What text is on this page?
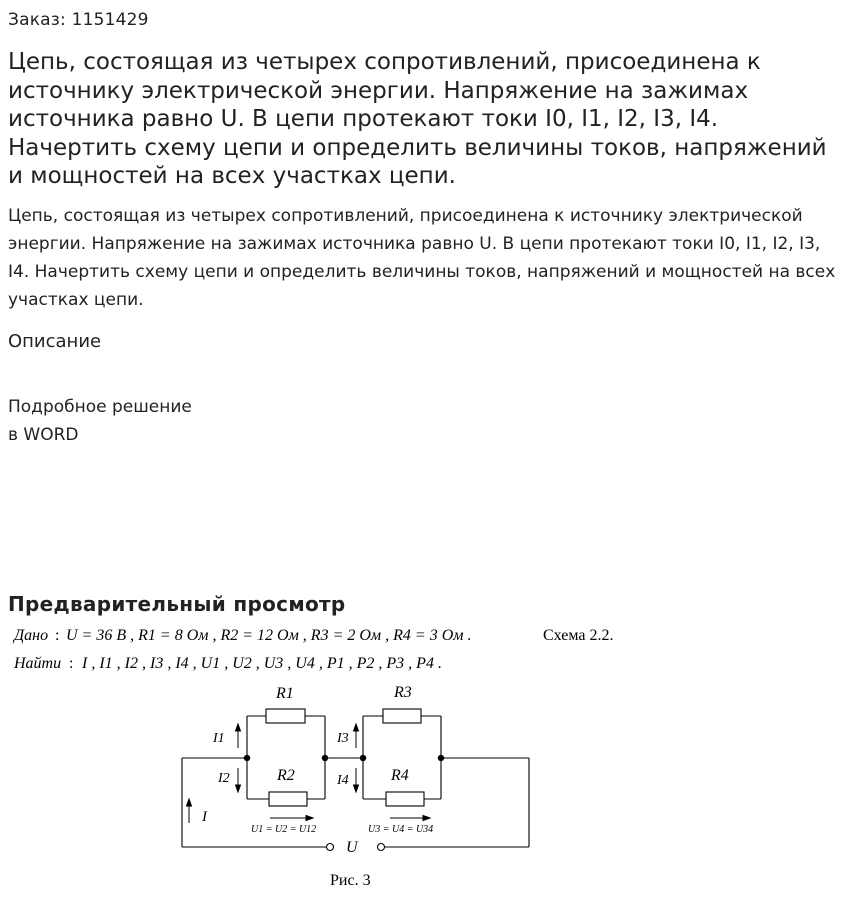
Заказ: 1151429
Цепь, состоящая из четырех сопротивлений, присоединена к источнику электрической энергии. Напряжение на зажимах источника равно U. В цепи протекают токи I0, I1, I2, I3, I4. Начертить схему цепи и определить величины токов, напряжений и мощностей на всех участках цепи.

Цепь, состоящая из четырех сопротивлений, присоединена к источнику электрической энергии. Напряжение на зажимах источника равно U. В цепи протекают токи I0, I1, I2, I3, I4. Начертить схему цепи и определить величины токов, напряжений и мощностей на всех участках цепи.

Описание
Подробное решение
в WORD
Предварительный просмотр
Дано : U = 36 B , R1 = 8 Ом , R2 = 12 Ом , R3 = 2 Ом , R4 = 3 Ом .	Схема 2.2.
Найти : I , I1 , I2 , I3 , I4 , U1 , U2 , U3 , U4 , P1 , P2 , P3 , P4 .
R1
R2
R3
R4
I1
I2
I3
I4
I
U
U1 = U2 = U12	U3 = U4 = U34
Рис. 3
